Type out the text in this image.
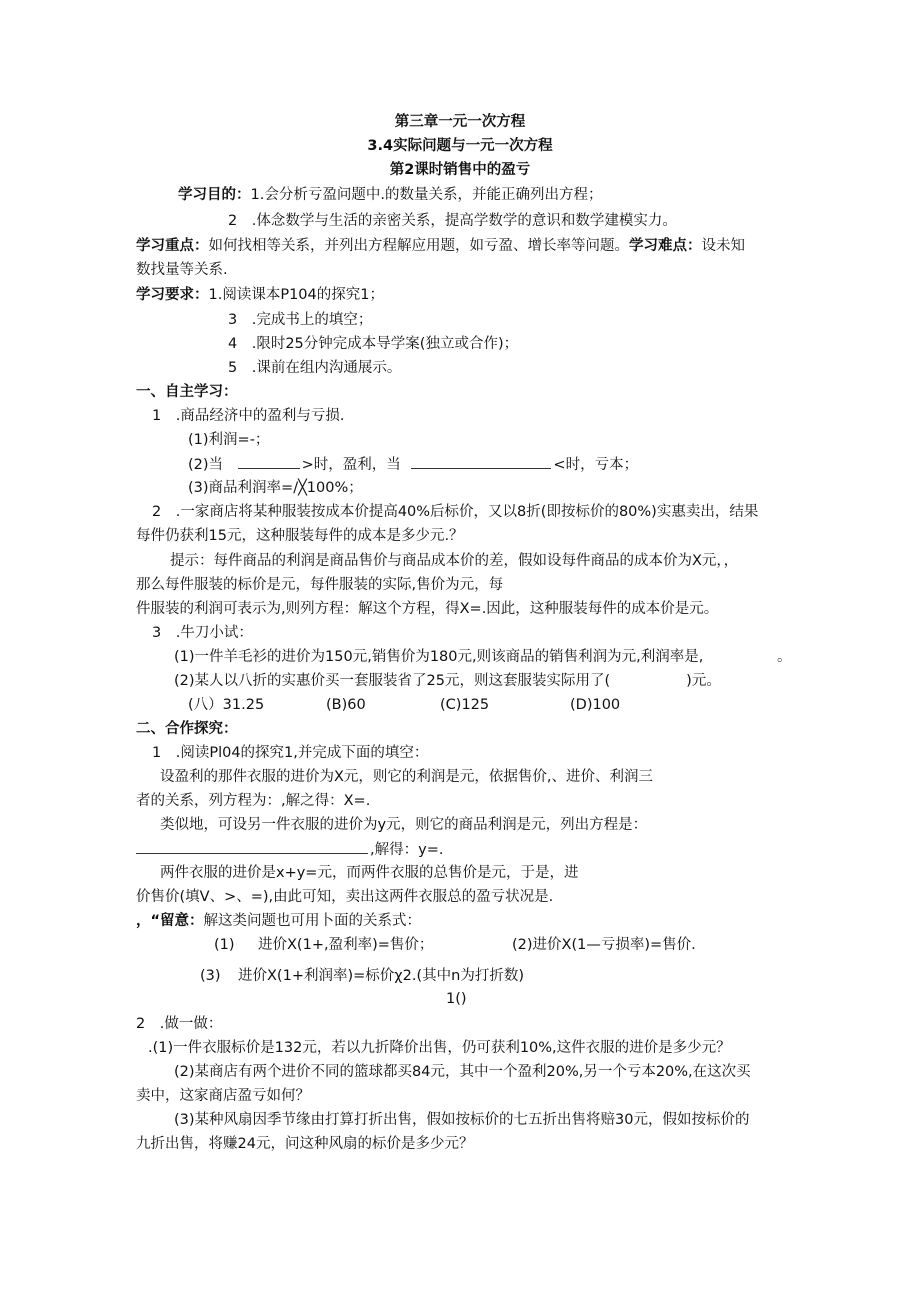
第三章一元一次方程
3.4实际问题与一元一次方程
第2课时销售中的盈亏
学习目的：1.会分析亏盈问题中.的数量关系，并能正确列出方程；
2　.体念数学与生活的亲密关系，提高学数学的意识和数学建模实力。
学习重点：如何找相等关系，并列出方程解应用题，如亏盈、增长率等问题。学习难点：设未知
数找量等关系.
学习要求：1.阅读课本P104的探究1；
3　.完成书上的填空；
4　.限时25分钟完成本导学案(独立或合作)；
5　.课前在组内沟通展示。
一、自主学习：
1　.商品经济中的盈利与亏损.
(1)利润=-；
(2)当	>时，盈利，当	<时，亏本；
(3)商品利润率=/╳100%；
2　.一家商店将某种服装按成本价提高40%后标价，又以8折(即按标价的80%)实惠卖出，结果
每件仍获利15元，这种服装每件的成本是多少元.？
提示：每件商品的利润是商品售价与商品成本价的差，假如设每件商品的成本价为X元，，
那么每件服装的标价是元，每件服装的实际,售价为元，每
件服装的利润可表示为,则列方程：解这个方程，得X=.因此，这种服装每件的成本价是元。
3　.牛刀小试：
(1)一件羊毛衫的进价为150元,销售价为180元,则该商品的销售利润为元,利润率是,	。
(2)某人以八折的实惠价买一套服装省了25元，则这套服装实际用了(	)元。
(八）31.25	(B)60	(C)125	(D)100
二、合作探究：
1　.阅读Pl04的探究1,并完成下面的填空：
设盈利的那件衣服的进价为X元，则它的利润是元，依据售价,、进价、利润三
者的关系，列方程为：,解之得：X=.
类似地，可设另一件衣服的进价为y元，则它的商品利润是元，列出方程是：
,解得：y=.
两件衣服的进价是x+y=元，而两件衣服的总售价是元，于是，进
价售价(填V、>、=),由此可知，卖出这两件衣服总的盈亏状况是.
，“留意：解这类问题也可用卜面的关系式：
(1) 进价X(1+,盈利率)=售价；	(2)进价X(1—亏损率)=售价.
(3) 进价X(1+利润率)=标价χ2.(其中n为打折数)
1()
2　.做一做：
.(1)一件衣服标价是132元，若以九折降价出售，仍可获利10%,这件衣服的进价是多少元？
(2)某商店有两个进价不同的篮球都买84元，其中一个盈利20%,另一个亏本20%,在这次买
卖中，这家商店盈亏如何？
(3)某种风扇因季节缘由打算打折出售，假如按标价的七五折出售将赔30元，假如按标价的
九折出售，将赚24元，问这种风扇的标价是多少元？
